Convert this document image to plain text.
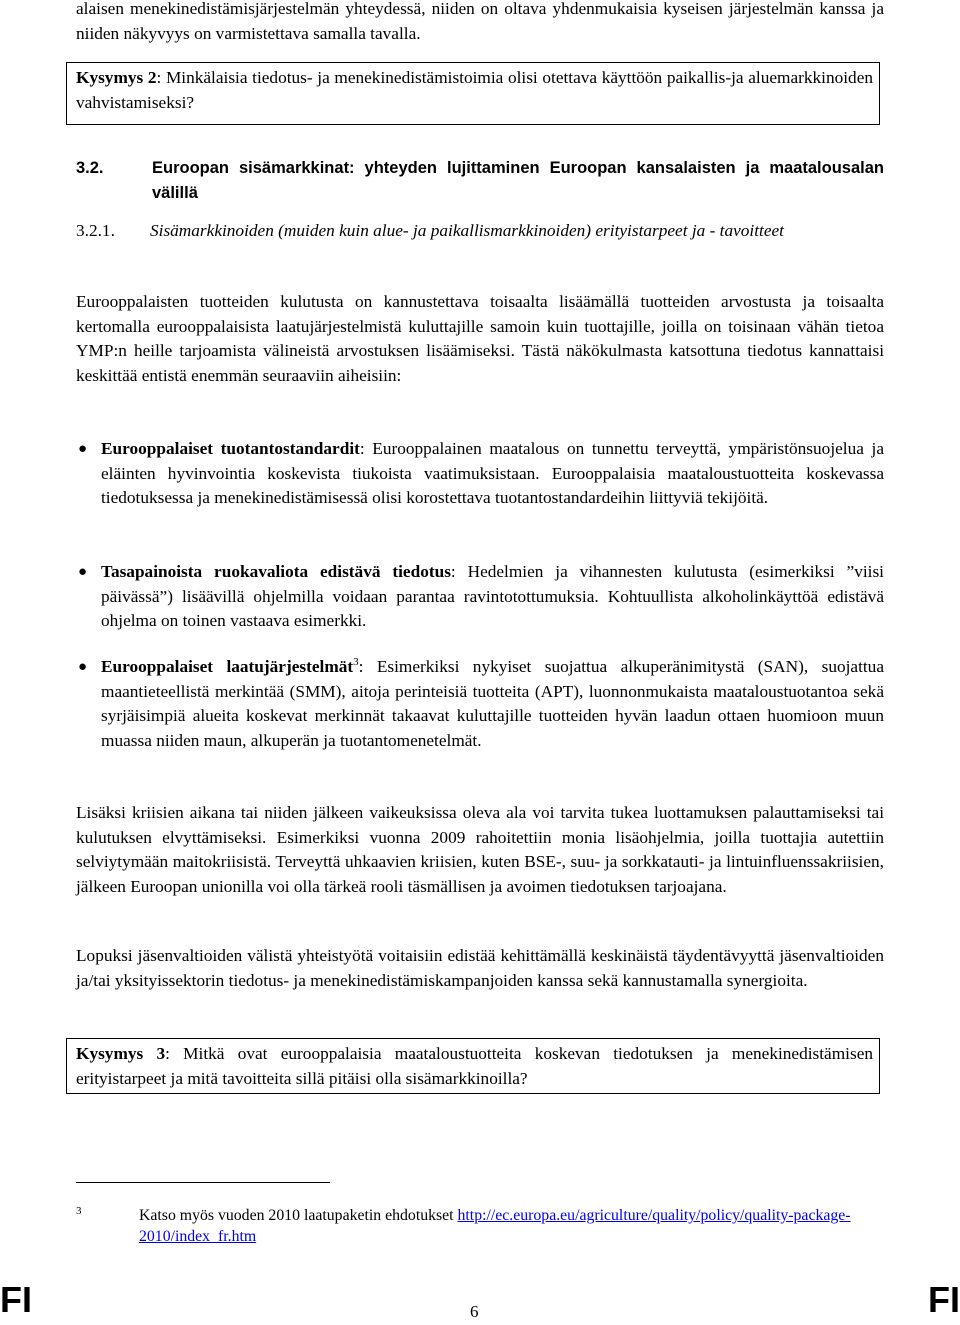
alaisen menekinedistämisjärjestelmän yhteydessä, niiden on oltava yhdenmukaisia kyseisen järjestelmän kanssa ja niiden näkyvyys on varmistettava samalla tavalla.

Kysymys 2: Minkälaisia tiedotus- ja menekinedistämistoimia olisi otettava käyttöön paikallis-ja aluemarkkinoiden vahvistamiseksi?
3.2.	Euroopan sisämarkkinat: yhteyden lujittaminen Euroopan kansalaisten ja maatalousalan välillä
3.2.1. Sisämarkkinoiden (muiden kuin alue- ja paikallismarkkinoiden) erityistarpeet ja - tavoitteet

Eurooppalaisten tuotteiden kulutusta on kannustettava toisaalta lisäämällä tuotteiden arvostusta ja toisaalta kertomalla eurooppalaisista laatujärjestelmistä kuluttajille samoin kuin tuottajille, joilla on toisinaan vähän tietoa YMP:n heille tarjoamista välineistä arvostuksen lisäämiseksi. Tästä näkökulmasta katsottuna tiedotus kannattaisi keskittää entistä enemmän seuraaviin aiheisiin:

● Eurooppalaiset tuotantostandardit: Eurooppalainen maatalous on tunnettu terveyttä, ympäristönsuojelua ja eläinten hyvinvointia koskevista tiukoista vaatimuksistaan. Eurooppalaisia maataloustuotteita koskevassa tiedotuksessa ja menekinedistämisessä olisi korostettava tuotantostandardeihin liittyviä tekijöitä.
● Tasapainoista ruokavaliota edistävä tiedotus: Hedelmien ja vihannesten kulutusta (esimerkiksi ”viisi päivässä”) lisäävillä ohjelmilla voidaan parantaa ravintotottumuksia. Kohtuullista alkoholinkäyttöä edistävä ohjelma on toinen vastaava esimerkki.
● Eurooppalaiset laatujärjestelmät$^3$: Esimerkiksi nykyiset suojattua alkuperänimitystä (SAN), suojattua maantieteellistä merkintää (SMM), aitoja perinteisiä tuotteita (APT), luonnonmukaista maataloustuotantoa sekä syrjäisimpiä alueita koskevat merkinnät takaavat kuluttajille tuotteiden hyvän laadun ottaen huomioon muun muassa niiden maun, alkuperän ja tuotantomenetelmät.

Lisäksi kriisien aikana tai niiden jälkeen vaikeuksissa oleva ala voi tarvita tukea luottamuksen palauttamiseksi tai kulutuksen elvyttämiseksi. Esimerkiksi vuonna 2009 rahoitettiin monia lisäohjelmia, joilla tuottajia autettiin selviytymään maitokriisistä. Terveyttä uhkaavien kriisien, kuten BSE-, suu- ja sorkkatauti- ja lintuinfluenssakriisien, jälkeen Euroopan unionilla voi olla tärkeä rooli täsmällisen ja avoimen tiedotuksen tarjoajana.

Lopuksi jäsenvaltioiden välistä yhteistyötä voitaisiin edistää kehittämällä keskinäistä täydentävyyttä jäsenvaltioiden ja/tai yksityissektorin tiedotus- ja menekinedistämiskampanjoiden kanssa sekä kannustamalla synergioita.

Kysymys 3: Mitkä ovat eurooppalaisia maataloustuotteita koskevan tiedotuksen ja menekinedistämisen erityistarpeet ja mitä tavoitteita sillä pitäisi olla sisämarkkinoilla?
3	Katso myös vuoden 2010 laatupaketin ehdotukset http://ec.europa.eu/agriculture/quality/policy/quality-package-2010/index_fr.htm
FI	6	FI
